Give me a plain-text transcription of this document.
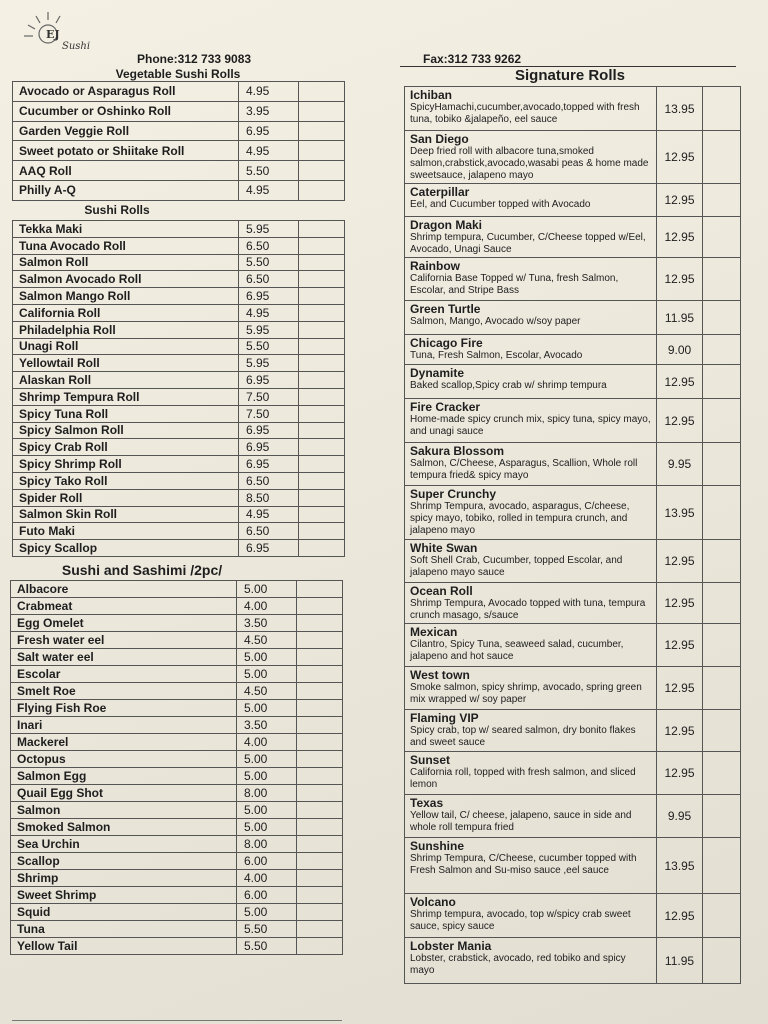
EJ
Sushi
Phone:312 733 9083	Fax:312 733 9262
Vegetable Sushi Rolls
Avocado or Asparagus Roll	4.95	
Cucumber or Oshinko Roll	3.95	
Garden Veggie Roll	6.95	
Sweet potato or Shiitake Roll	4.95	
AAQ Roll	5.50	
Philly A-Q	4.95	
Sushi Rolls
Tekka Maki	5.95	
Tuna Avocado Roll	6.50	
Salmon Roll	5.50	
Salmon Avocado Roll	6.50	
Salmon Mango Roll	6.95	
California Roll	4.95	
Philadelphia Roll	5.95	
Unagi Roll	5.50	
Yellowtail Roll	5.95	
Alaskan Roll	6.95	
Shrimp Tempura Roll	7.50	
Spicy Tuna Roll	7.50	
Spicy Salmon Roll	6.95	
Spicy Crab Roll	6.95	
Spicy Shrimp Roll	6.95	
Spicy Tako Roll	6.50	
Spider Roll	8.50	
Salmon Skin Roll	4.95	
Futo Maki	6.50	
Spicy Scallop	6.95	
Sushi and Sashimi /2pc/
Albacore	5.00	
Crabmeat	4.00	
Egg Omelet	3.50	
Fresh water eel	4.50	
Salt water eel	5.00	
Escolar	5.00	
Smelt Roe	4.50	
Flying Fish Roe	5.00	
Inari	3.50	
Mackerel	4.00	
Octopus	5.00	
Salmon Egg	5.00	
Quail Egg Shot	8.00	
Salmon	5.00	
Smoked Salmon	5.00	
Sea Urchin	8.00	
Scallop	6.00	
Shrimp	4.00	
Sweet Shrimp	6.00	
Squid	5.00	
Tuna	5.50	
Yellow Tail	5.50	
Signature Rolls
Ichiban
SpicyHamachi,cucumber,avocado,topped with fresh tuna, tobiko &jalapeño, eel sauce	13.95	

San Diego
Deep fried roll with albacore tuna,smoked salmon,crabstick,avocado,wasabi peas & home made sweetsauce, jalapeno mayo	12.95	

Caterpillar
Eel, and Cucumber topped with Avocado	12.95	

Dragon Maki
Shrimp tempura, Cucumber, C/Cheese topped w/Eel, Avocado, Unagi Sauce	12.95	

Rainbow
California Base Topped w/ Tuna, fresh Salmon, Escolar, and Stripe Bass	12.95	

Green Turtle
Salmon, Mango, Avocado w/soy paper	11.95	

Chicago Fire
Tuna, Fresh Salmon, Escolar, Avocado	9.00	

Dynamite
Baked scallop,Spicy crab w/ shrimp tempura	12.95	

Fire Cracker
Home-made spicy crunch mix, spicy tuna, spicy mayo, and unagi sauce	12.95	

Sakura Blossom
Salmon, C/Cheese, Asparagus, Scallion, Whole roll tempura fried& spicy mayo	9.95	

Super Crunchy
Shrimp Tempura, avocado, asparagus, C/cheese, spicy mayo, tobiko, rolled in tempura crunch, and jalapeno mayo	13.95	

White Swan
Soft Shell Crab, Cucumber, topped Escolar, and jalapeno mayo sauce	12.95	

Ocean Roll
Shrimp Tempura, Avocado topped with tuna, tempura crunch masago, s/sauce	12.95	

Mexican
Cilantro, Spicy Tuna, seaweed salad, cucumber, jalapeno and hot sauce	12.95	

West town
Smoke salmon, spicy shrimp, avocado, spring green mix wrapped w/ soy paper	12.95	

Flaming VIP
Spicy crab, top w/ seared salmon, dry bonito flakes and sweet sauce	12.95	

Sunset
California roll, topped with fresh salmon, and sliced lemon	12.95	

Texas
Yellow tail, C/ cheese, jalapeno, sauce in side and whole roll tempura fried	9.95	

Sunshine
Shrimp Tempura, C/Cheese, cucumber topped with Fresh Salmon and Su-miso sauce ,eel sauce	13.95	

Volcano
Shrimp tempura, avocado, top w/spicy crab sweet sauce, spicy sauce	12.95	

Lobster Mania
Lobster, crabstick, avocado, red tobiko and spicy mayo	11.95	
